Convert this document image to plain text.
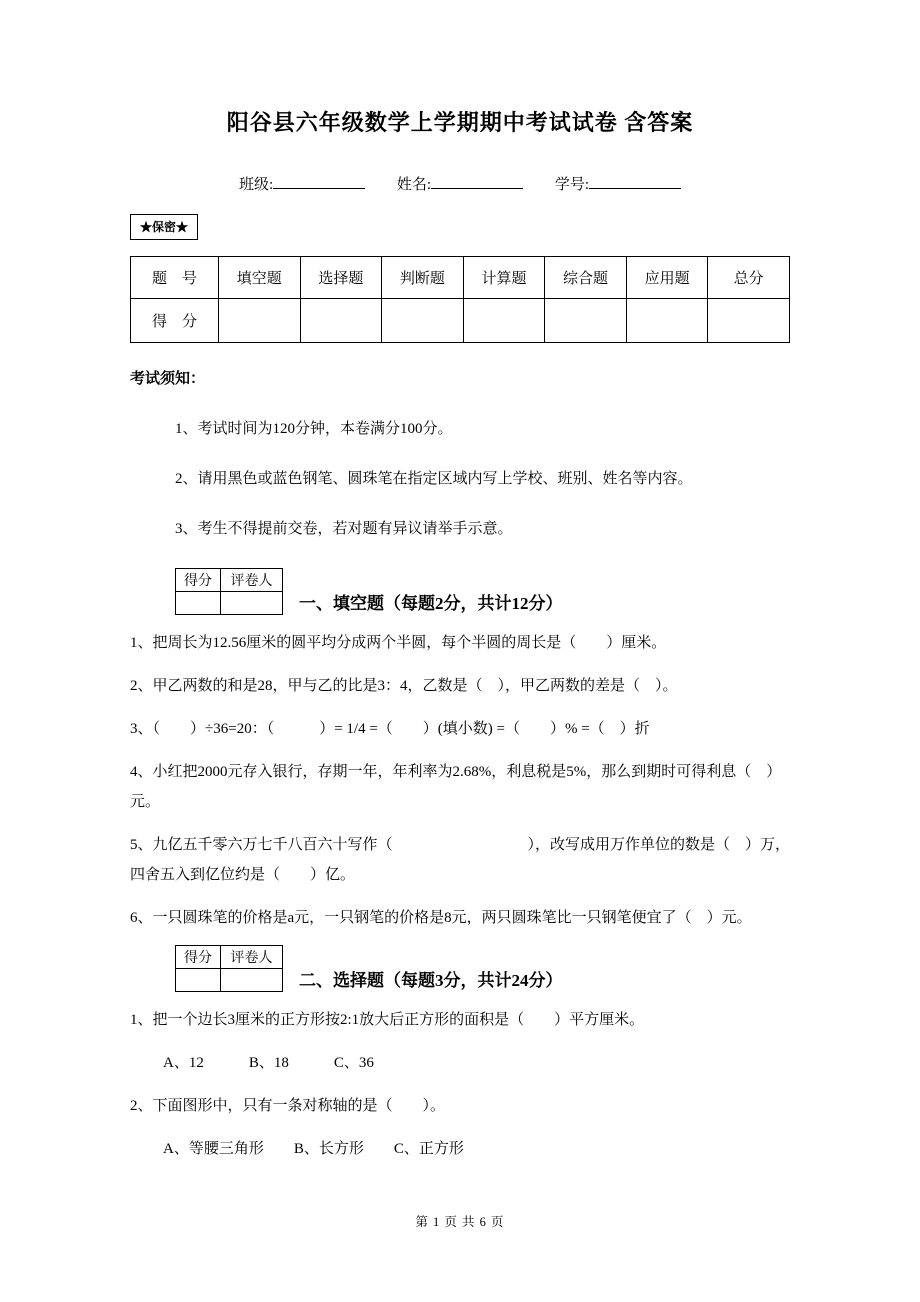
阳谷县六年级数学上学期期中考试试卷 含答案
班级:	姓名:	学号:
★保密★
题　号	填空题	选择题	判断题	计算题	综合题	应用题	总分
得　分							
考试须知：
1、考试时间为120分钟，本卷满分100分。
2、请用黑色或蓝色钢笔、圆珠笔在指定区域内写上学校、班别、姓名等内容。
3、考生不得提前交卷，若对题有异议请举手示意。
得分	评卷人

一、填空题（每题2分，共计12分）
1、把周长为12.56厘米的圆平均分成两个半圆，每个半圆的周长是（　　）厘米。
2、甲乙两数的和是28，甲与乙的比是3：4，乙数是（　），甲乙两数的差是（　）。
3、（　　）÷36=20：（　　　）= 1/4 =（　　）(填小数) =（　　）% =（　）折
4、小红把2000元存入银行，存期一年，年利率为2.68%，利息税是5%，那么到期时可得利息（　）元。
5、九亿五千零六万七千八百六十写作（　　　　　　　　　），改写成用万作单位的数是（　）万，四舍五入到亿位约是（　　）亿。
6、一只圆珠笔的价格是a元，一只钢笔的价格是8元，两只圆珠笔比一只钢笔便宜了（　）元。
得分	评卷人

二、选择题（每题3分，共计24分）
1、把一个边长3厘米的正方形按2:1放大后正方形的面积是（　　）平方厘米。
A、12　　　B、18　　　C、36
2、下面图形中，只有一条对称轴的是（　　）。
A、等腰三角形　　B、长方形　　C、正方形
第 1 页 共 6 页
